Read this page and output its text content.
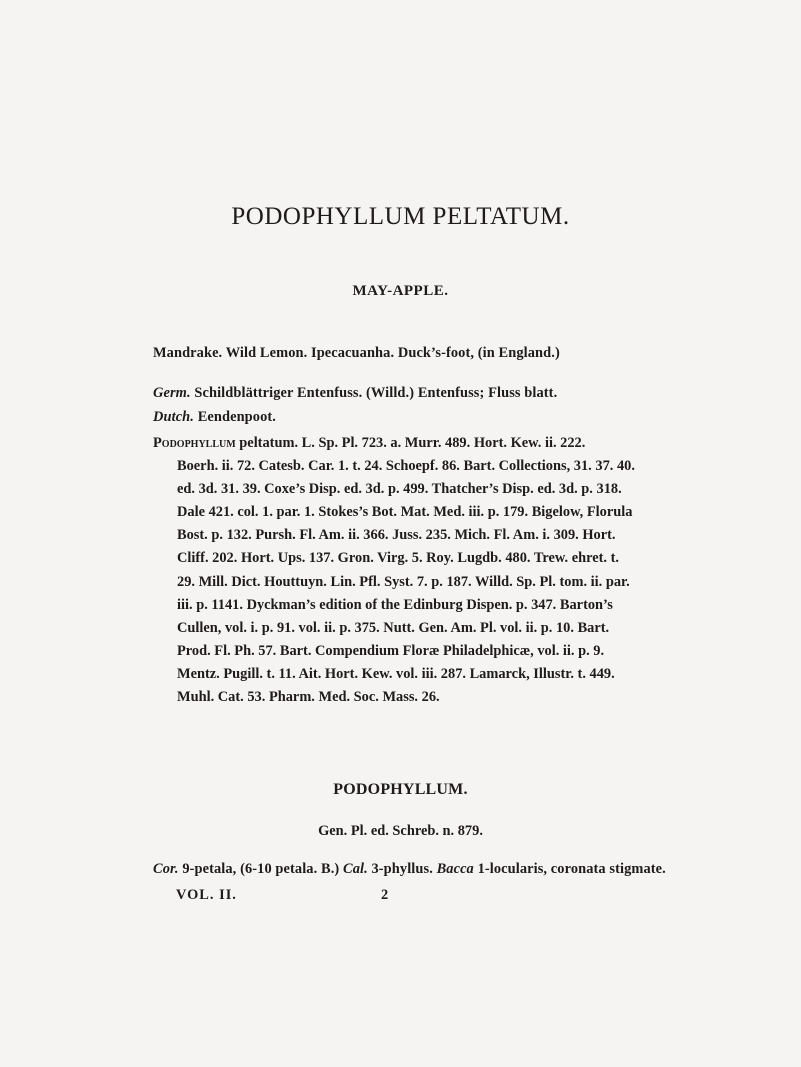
PODOPHYLLUM PELTATUM.
MAY-APPLE.
Mandrake. Wild Lemon. Ipecacuanha. Duck’s-foot, (in England.)
Germ. Schildblättriger Entenfuss. (Willd.) Entenfuss; Fluss blatt.
Dutch. Eendenpoot.
Podophyllum peltatum. L. Sp. Pl. 723. a. Murr. 489. Hort. Kew. ii. 222.
Boerh. ii. 72. Catesb. Car. 1. t. 24. Schoepf. 86. Bart. Collections, 31. 37. 40.
ed. 3d. 31. 39. Coxe’s Disp. ed. 3d. p. 499. Thatcher’s Disp. ed. 3d. p. 318.
Dale 421. col. 1. par. 1. Stokes’s Bot. Mat. Med. iii. p. 179. Bigelow, Florula
Bost. p. 132. Pursh. Fl. Am. ii. 366. Juss. 235. Mich. Fl. Am. i. 309. Hort.
Cliff. 202. Hort. Ups. 137. Gron. Virg. 5. Roy. Lugdb. 480. Trew. ehret. t.
29. Mill. Dict. Houttuyn. Lin. Pfl. Syst. 7. p. 187. Willd. Sp. Pl. tom. ii. par.
iii. p. 1141. Dyckman’s edition of the Edinburg Dispen. p. 347. Barton’s
Cullen, vol. i. p. 91. vol. ii. p. 375. Nutt. Gen. Am. Pl. vol. ii. p. 10. Bart.
Prod. Fl. Ph. 57. Bart. Compendium Floræ Philadelphicæ, vol. ii. p. 9.
Mentz. Pugill. t. 11. Ait. Hort. Kew. vol. iii. 287. Lamarck, Illustr. t. 449.
Muhl. Cat. 53. Pharm. Med. Soc. Mass. 26.
PODOPHYLLUM.
Gen. Pl. ed. Schreb. n. 879.
Cor. 9-petala, (6-10 petala. B.) Cal. 3-phyllus. Bacca 1-locularis, coronata stigmate.
VOL. II.	2
